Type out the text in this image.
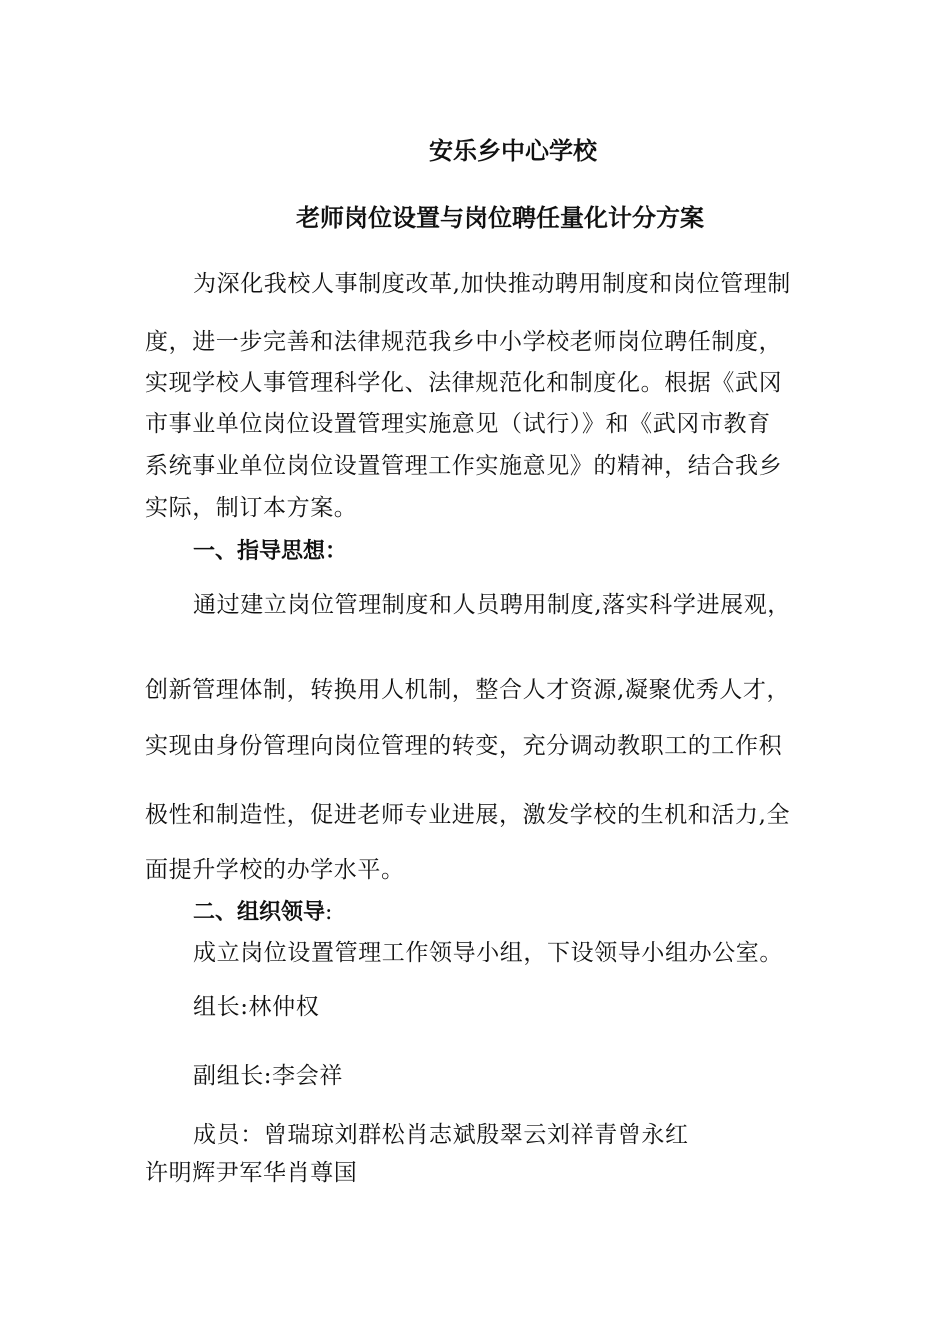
安乐乡中心学校
老师岗位设置与岗位聘任量化计分方案
为深化我校人事制度改革,加快推动聘用制度和岗位管理制
度，进一步完善和法律规范我乡中小学校老师岗位聘任制度，
实现学校人事管理科学化、法律规范化和制度化。根据《武冈
市事业单位岗位设置管理实施意见（试行）》和《武冈市教育
系统事业单位岗位设置管理工作实施意见》的精神，结合我乡
实际，制订本方案。
一、指导思想：
通过建立岗位管理制度和人员聘用制度,落实科学进展观，
创新管理体制，转换用人机制，整合人才资源,凝聚优秀人才，
实现由身份管理向岗位管理的转变，充分调动教职工的工作积
极性和制造性，促进老师专业进展，激发学校的生机和活力,全
面提升学校的办学水平。
二、组织领导:
成立岗位设置管理工作领导小组，下设领导小组办公室。
组长:林仲权
副组长:李会祥
成员：曾瑞琼刘群松肖志斌殷翠云刘祥青曾永红
许明辉尹军华肖尊国
